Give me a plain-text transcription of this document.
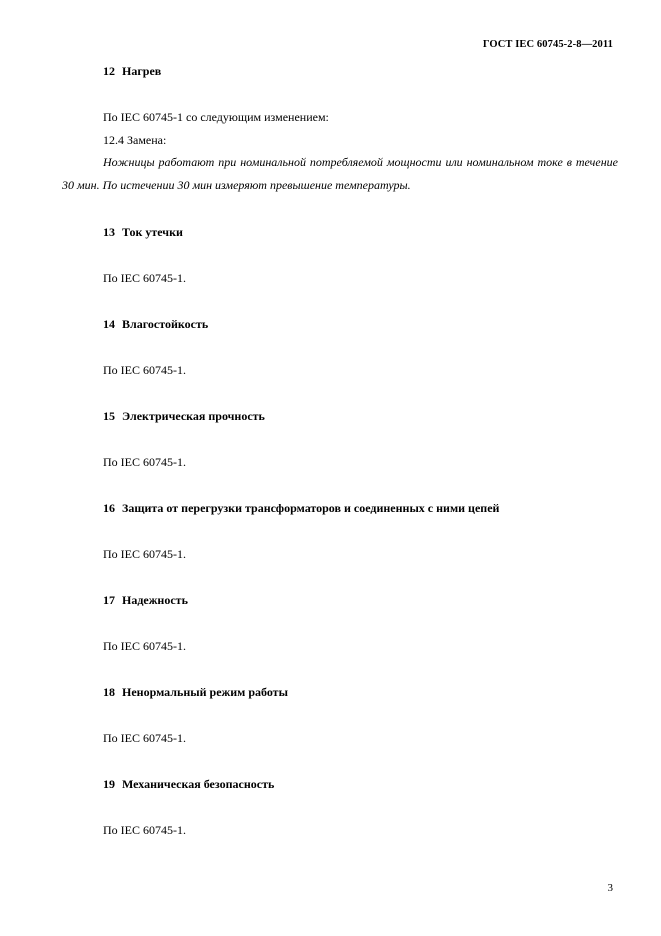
ГОСТ IEC 60745-2-8—2011
12 Нагрев
По IEC 60745-1 со следующим изменением:
12.4 Замена:
Ножницы работают при номинальной потребляемой мощности или номинальном токе в течение 30 мин. По истечении 30 мин измеряют превышение температуры.
13 Ток утечки
По IEC 60745-1.
14 Влагостойкость
По IEC 60745-1.
15 Электрическая прочность
По IEC 60745-1.
16 Защита от перегрузки трансформаторов и соединенных с ними цепей
По IEC 60745-1.
17 Надежность
По IEC 60745-1.
18 Ненормальный режим работы
По IEC 60745-1.
19 Механическая безопасность
По IEC 60745-1.
3
